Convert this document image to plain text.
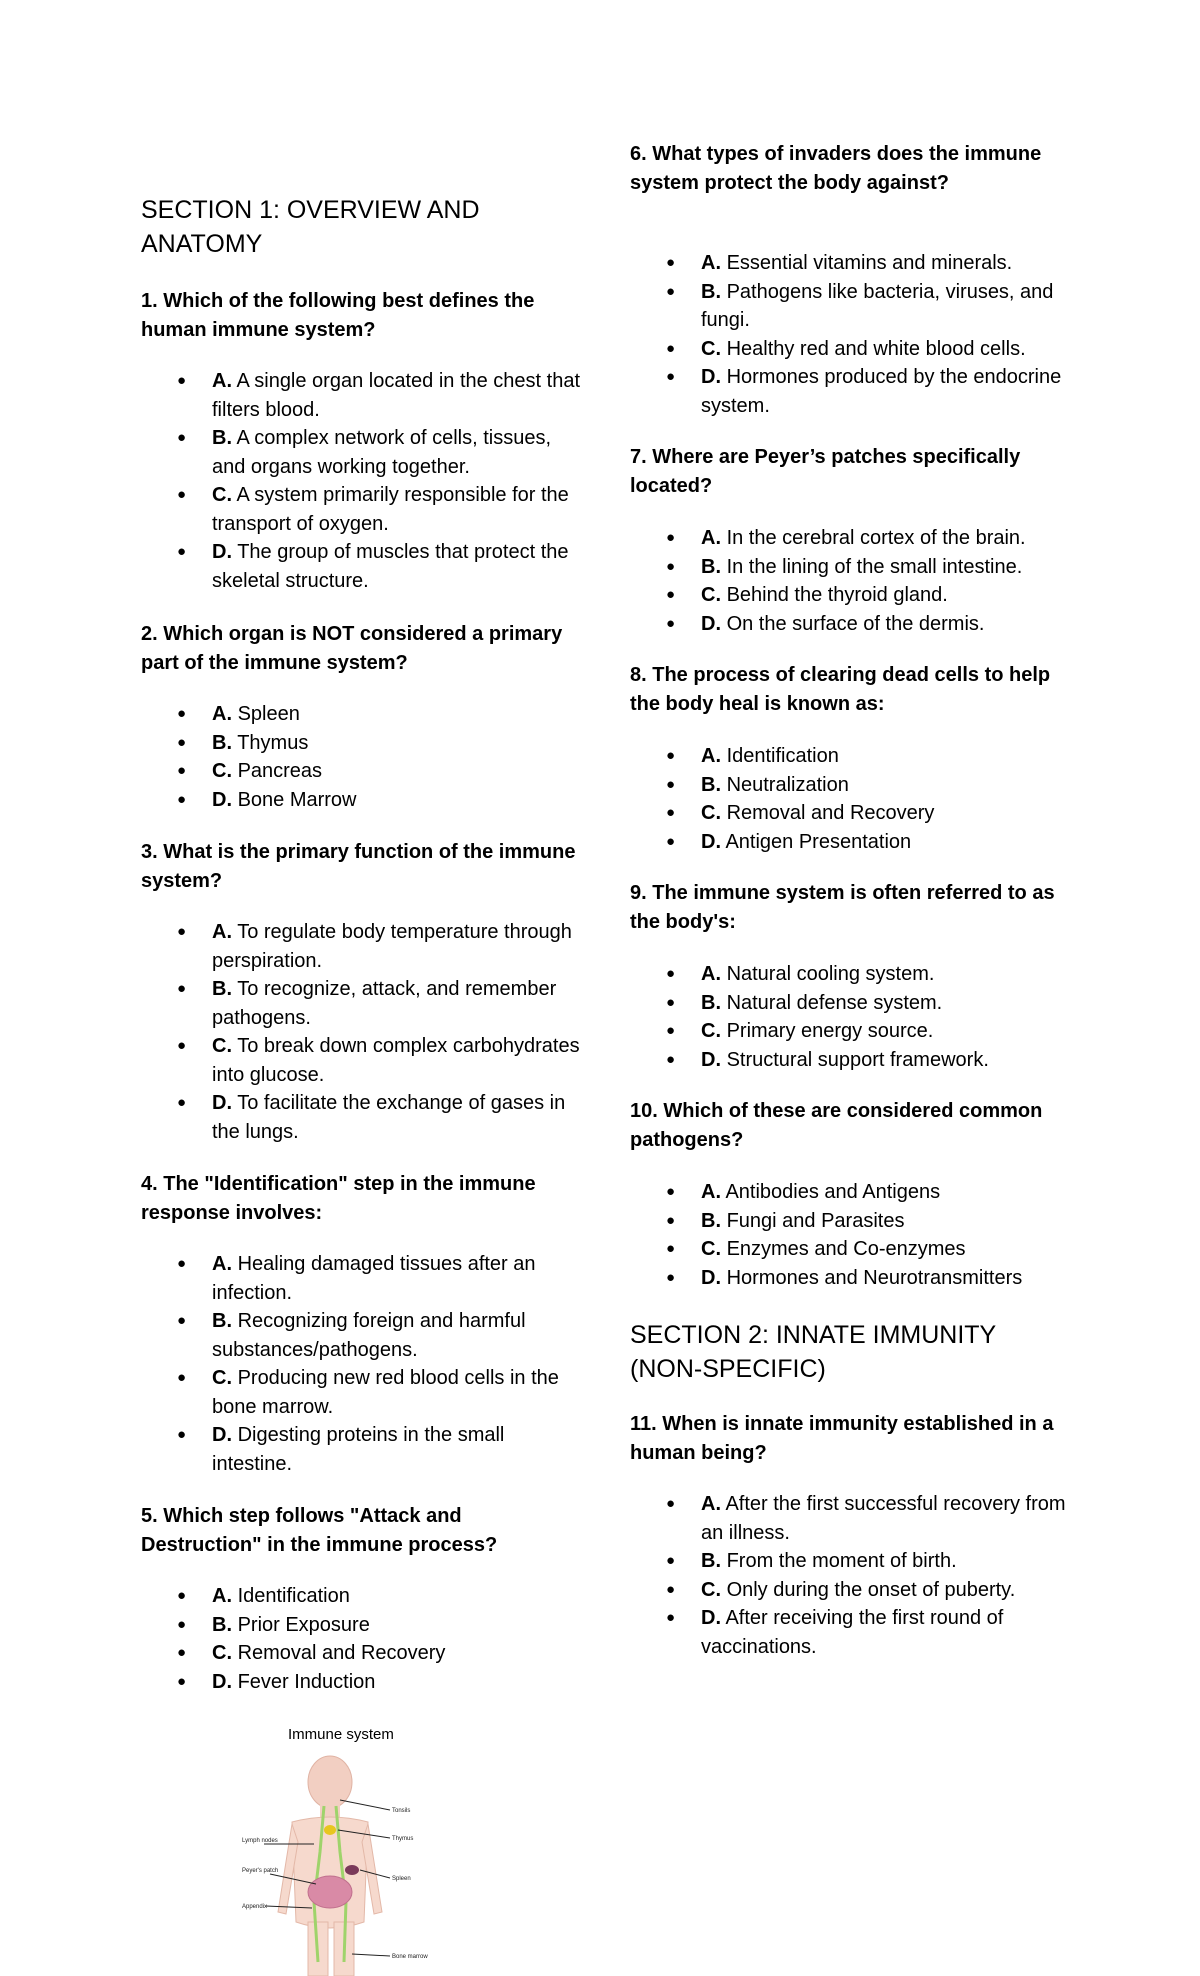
SECTION 1: OVERVIEW AND ANATOMY

1. Which of the following best defines the human immune system?

● A. A single organ located in the chest that filters blood.
● B. A complex network of cells, tissues, and organs working together.
● C. A system primarily responsible for the transport of oxygen.
● D. The group of muscles that protect the skeletal structure.

2. Which organ is NOT considered a primary part of the immune system?

● A. Spleen
● B. Thymus
● C. Pancreas
● D. Bone Marrow

3. What is the primary function of the immune system?

● A. To regulate body temperature through perspiration.
● B. To recognize, attack, and remember pathogens.
● C. To break down complex carbohydrates into glucose.
● D. To facilitate the exchange of gases in the lungs.

4. The "Identification" step in the immune response involves:

● A. Healing damaged tissues after an infection.
● B. Recognizing foreign and harmful substances/pathogens.
● C. Producing new red blood cells in the bone marrow.
● D. Digesting proteins in the small intestine.

5. Which step follows "Attack and Destruction" in the immune process?

● A. Identification
● B. Prior Exposure
● C. Removal and Recovery
● D. Fever Induction

6. What types of invaders does the immune system protect the body against?

● A. Essential vitamins and minerals.
● B. Pathogens like bacteria, viruses, and fungi.
● C. Healthy red and white blood cells.
● D. Hormones produced by the endocrine system.

7. Where are Peyer’s patches specifically located?

● A. In the cerebral cortex of the brain.
● B. In the lining of the small intestine.
● C. Behind the thyroid gland.
● D. On the surface of the dermis.

8. The process of clearing dead cells to help the body heal is known as:

● A. Identification
● B. Neutralization
● C. Removal and Recovery
● D. Antigen Presentation

9. The immune system is often referred to as the body's:

● A. Natural cooling system.
● B. Natural defense system.
● C. Primary energy source.
● D. Structural support framework.

10. Which of these are considered common pathogens?

● A. Antibodies and Antigens
● B. Fungi and Parasites
● C. Enzymes and Co-enzymes
● D. Hormones and Neurotransmitters
SECTION 2: INNATE IMMUNITY (NON-SPECIFIC)

11. When is innate immunity established in a human being?

● A. After the first successful recovery from an illness.
● B. From the moment of birth.
● C. Only during the onset of puberty.
● D. After receiving the first round of vaccinations.
Immune system
Tonsils
Thymus
Lymph nodes
Peyer's patch
Spleen
Appendix
Bone marrow
